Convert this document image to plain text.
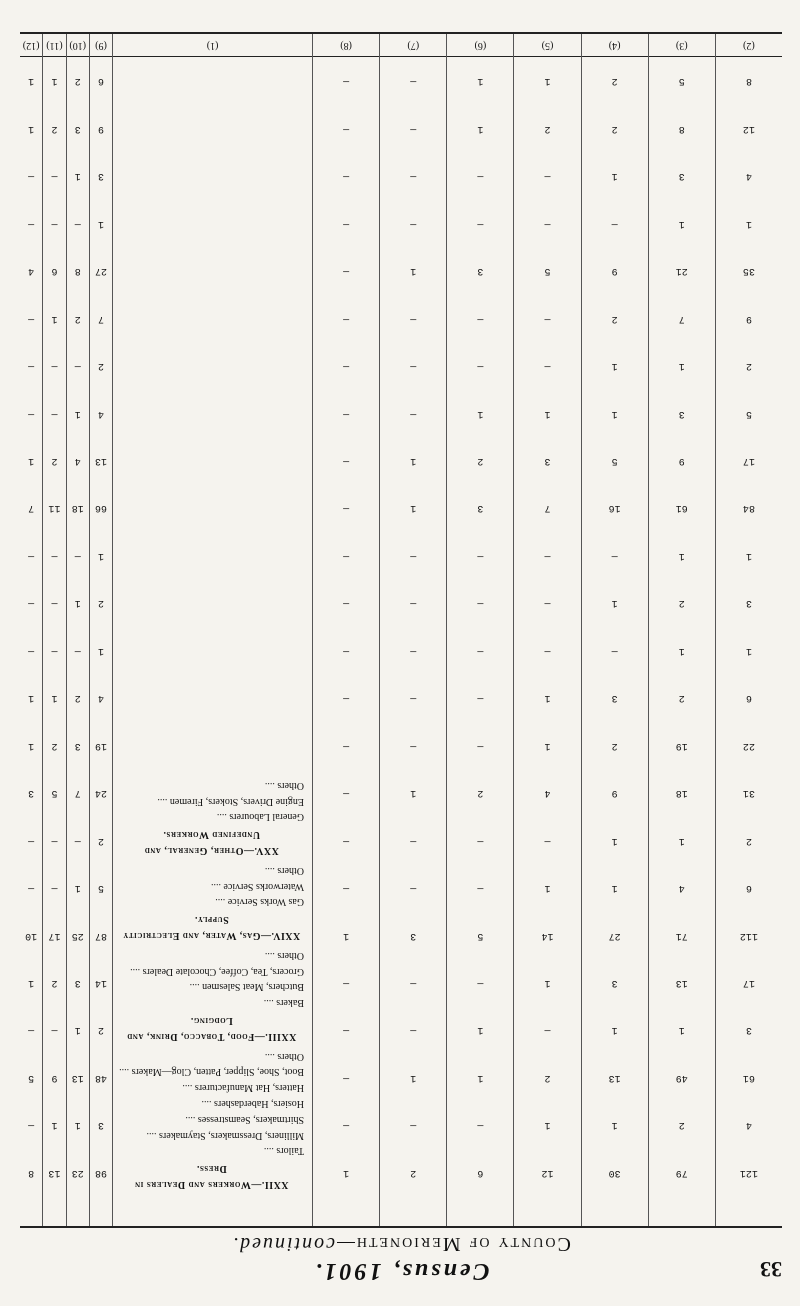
33
Census, 1901.
County of Merioneth—continued.
121
4
61
3
17
112
6
2
31
22
6
1
3
1
84
17
5
2
9
35
1
4
12
8
(2)
79
2
49
1
13
71
4
1
18
19
2
1
2
1
61
9
3
1
7
21
1
3
8
5
(3)
30
1
13
1
3
27
1
1
9
2
3
—
1
—
16
5
1
1
2
9
—
1
2
2
(4)
12
1
2
—
1
14
1
—
4
1
1
—
—
—
7
3
1
—
—
5
—
—
2
1
(5)
6
—
1
1
—
5
—
—
2
—
—
—
—
—
3
2
1
—
—
3
—
—
1
1
(6)
2
—
1
—
—
3
—
—
1
—
—
—
—
—
1
1
—
—
—
1
—
—
—
—
(7)
1
—
—
—
—
1
—
—
—
—
—
—
—
—
—
—
—
—
—
—
—
—
—
—
(8)
XXII.—Workers and Dealers in Dress.
Tailors ....
Milliners, Dressmakers, Staymakers ....
Shirtmakers, Seamstresses ....
Hosiers, Haberdashers ....
Hatters, Hat Manufacturers ....
Boot, Shoe, Slipper, Patten, Clog—Makers ....
Others ....
XXIII.—Food, Tobacco, Drink, and Lodging.
Bakers ....
Butchers, Meat Salesmen ....
Grocers, Tea, Coffee, Chocolate Dealers ....
Others ....
XXIV.—Gas, Water, and Electricity Supply.
Gas Works Service ....
Waterworks Service ....
Others ....
XXV.—Other, General, and Undefined Workers.
General Labourers ....
Engine Drivers, Stokers, Firemen ....
Others ....
(1)
98
3
48
2
14
87
5
2
24
19
4
1
2
1
66
13
4
2
7
27
1
3
9
6
(9)
23
1
13
1
3
25
1
—
7
3
2
—
1
—
18
4
1
—
2
8
—
1
3
2
(10)
13
1
9
—
2
17
—
—
5
2
1
—
—
—
11
2
—
—
1
6
—
—
2
1
(11)
8
—
5
—
1
10
—
—
3
1
1
—
—
—
7
1
—
—
—
4
—
—
1
1
(12)
